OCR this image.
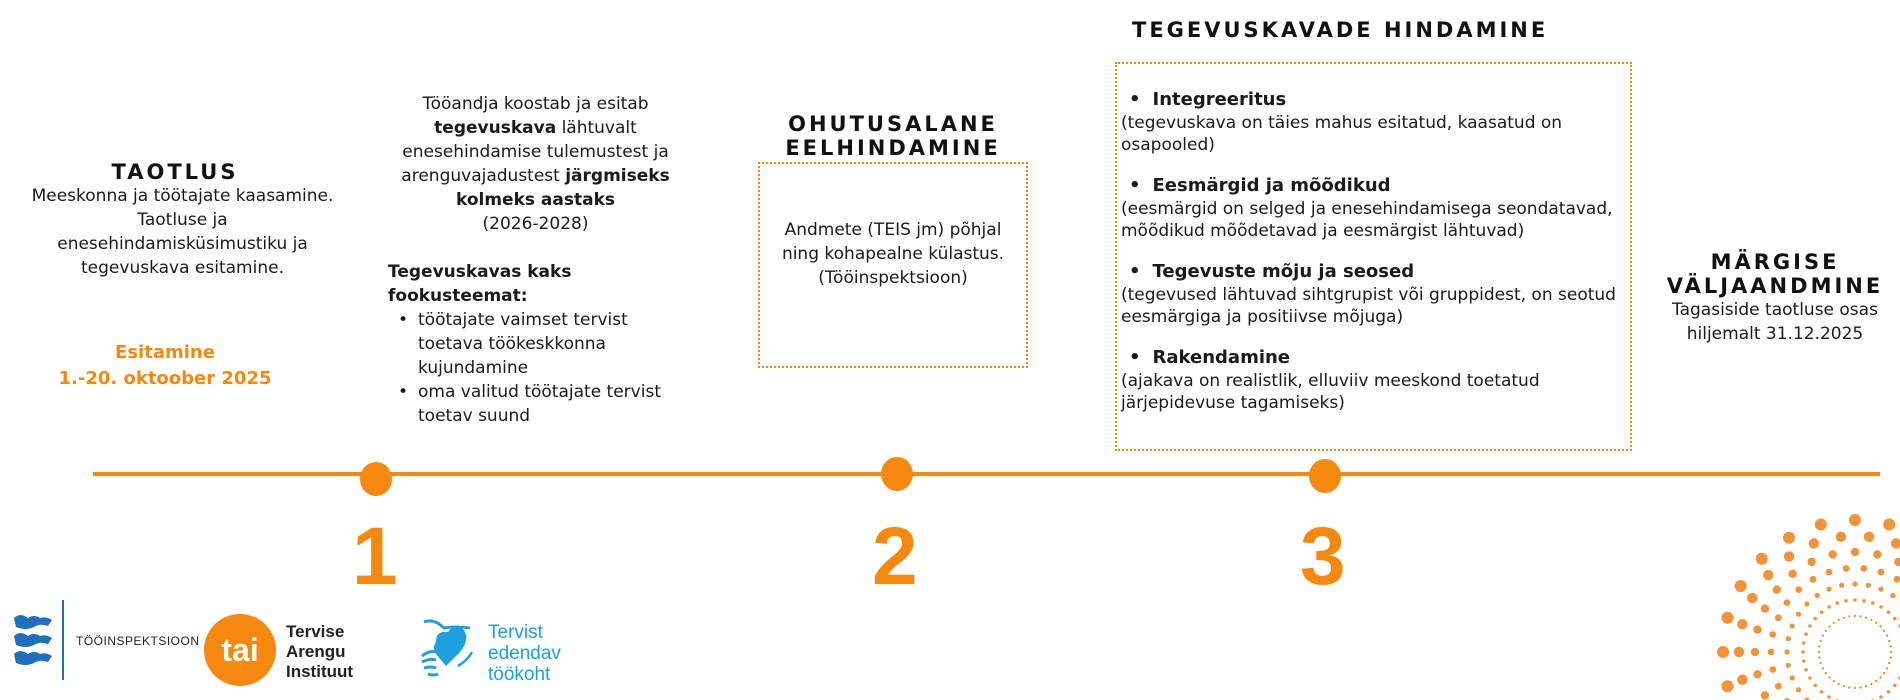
TAOTLUS
Meeskonna ja töötajate kaasamine.
Taotluse ja
enesehindamisküsimustiku ja
tegevuskava esitamine.
Esitamine
1.-20. oktoober 2025
Tööandja koostab ja esitab
tegevuskava lähtuvalt
enesehindamise tulemustest ja
arenguvajadustest järgmiseks
kolmeks aastaks
(2026-2028)
Tegevuskavas kaks
fookusteemat:
• töötajate vaimset tervist toetava töökeskkonna kujundamine
• oma valitud töötajate tervist toetav suund
OHUTUSALANE
EELHINDAMINE
Andmete (TEIS jm) põhjal
ning kohapealne külastus.
(Tööinspektsioon)
TEGEVUSKAVADE HINDAMINE
• Integreeritus
(tegevuskava on täies mahus esitatud, kaasatud on osapooled)
• Eesmärgid ja mõõdikud
(eesmärgid on selged ja enesehindamisega seondatavad, mõõdikud mõõdetavad ja eesmärgist lähtuvad)
• Tegevuste mõju ja seosed
(tegevused lähtuvad sihtgrupist või gruppidest, on seotud eesmärgiga ja positiivse mõjuga)
• Rakendamine
(ajakava on realistlik, elluviiv meeskond toetatud järjepidevuse tagamiseks)
MÄRGISE
VÄLJAANDMINE
Tagasiside taotluse osas
hiljemalt 31.12.2025
1	2	3
TÖÖINSPEKTSIOON tai
Tervise
Arengu
Instituut
Tervist
edendav
töökoht
